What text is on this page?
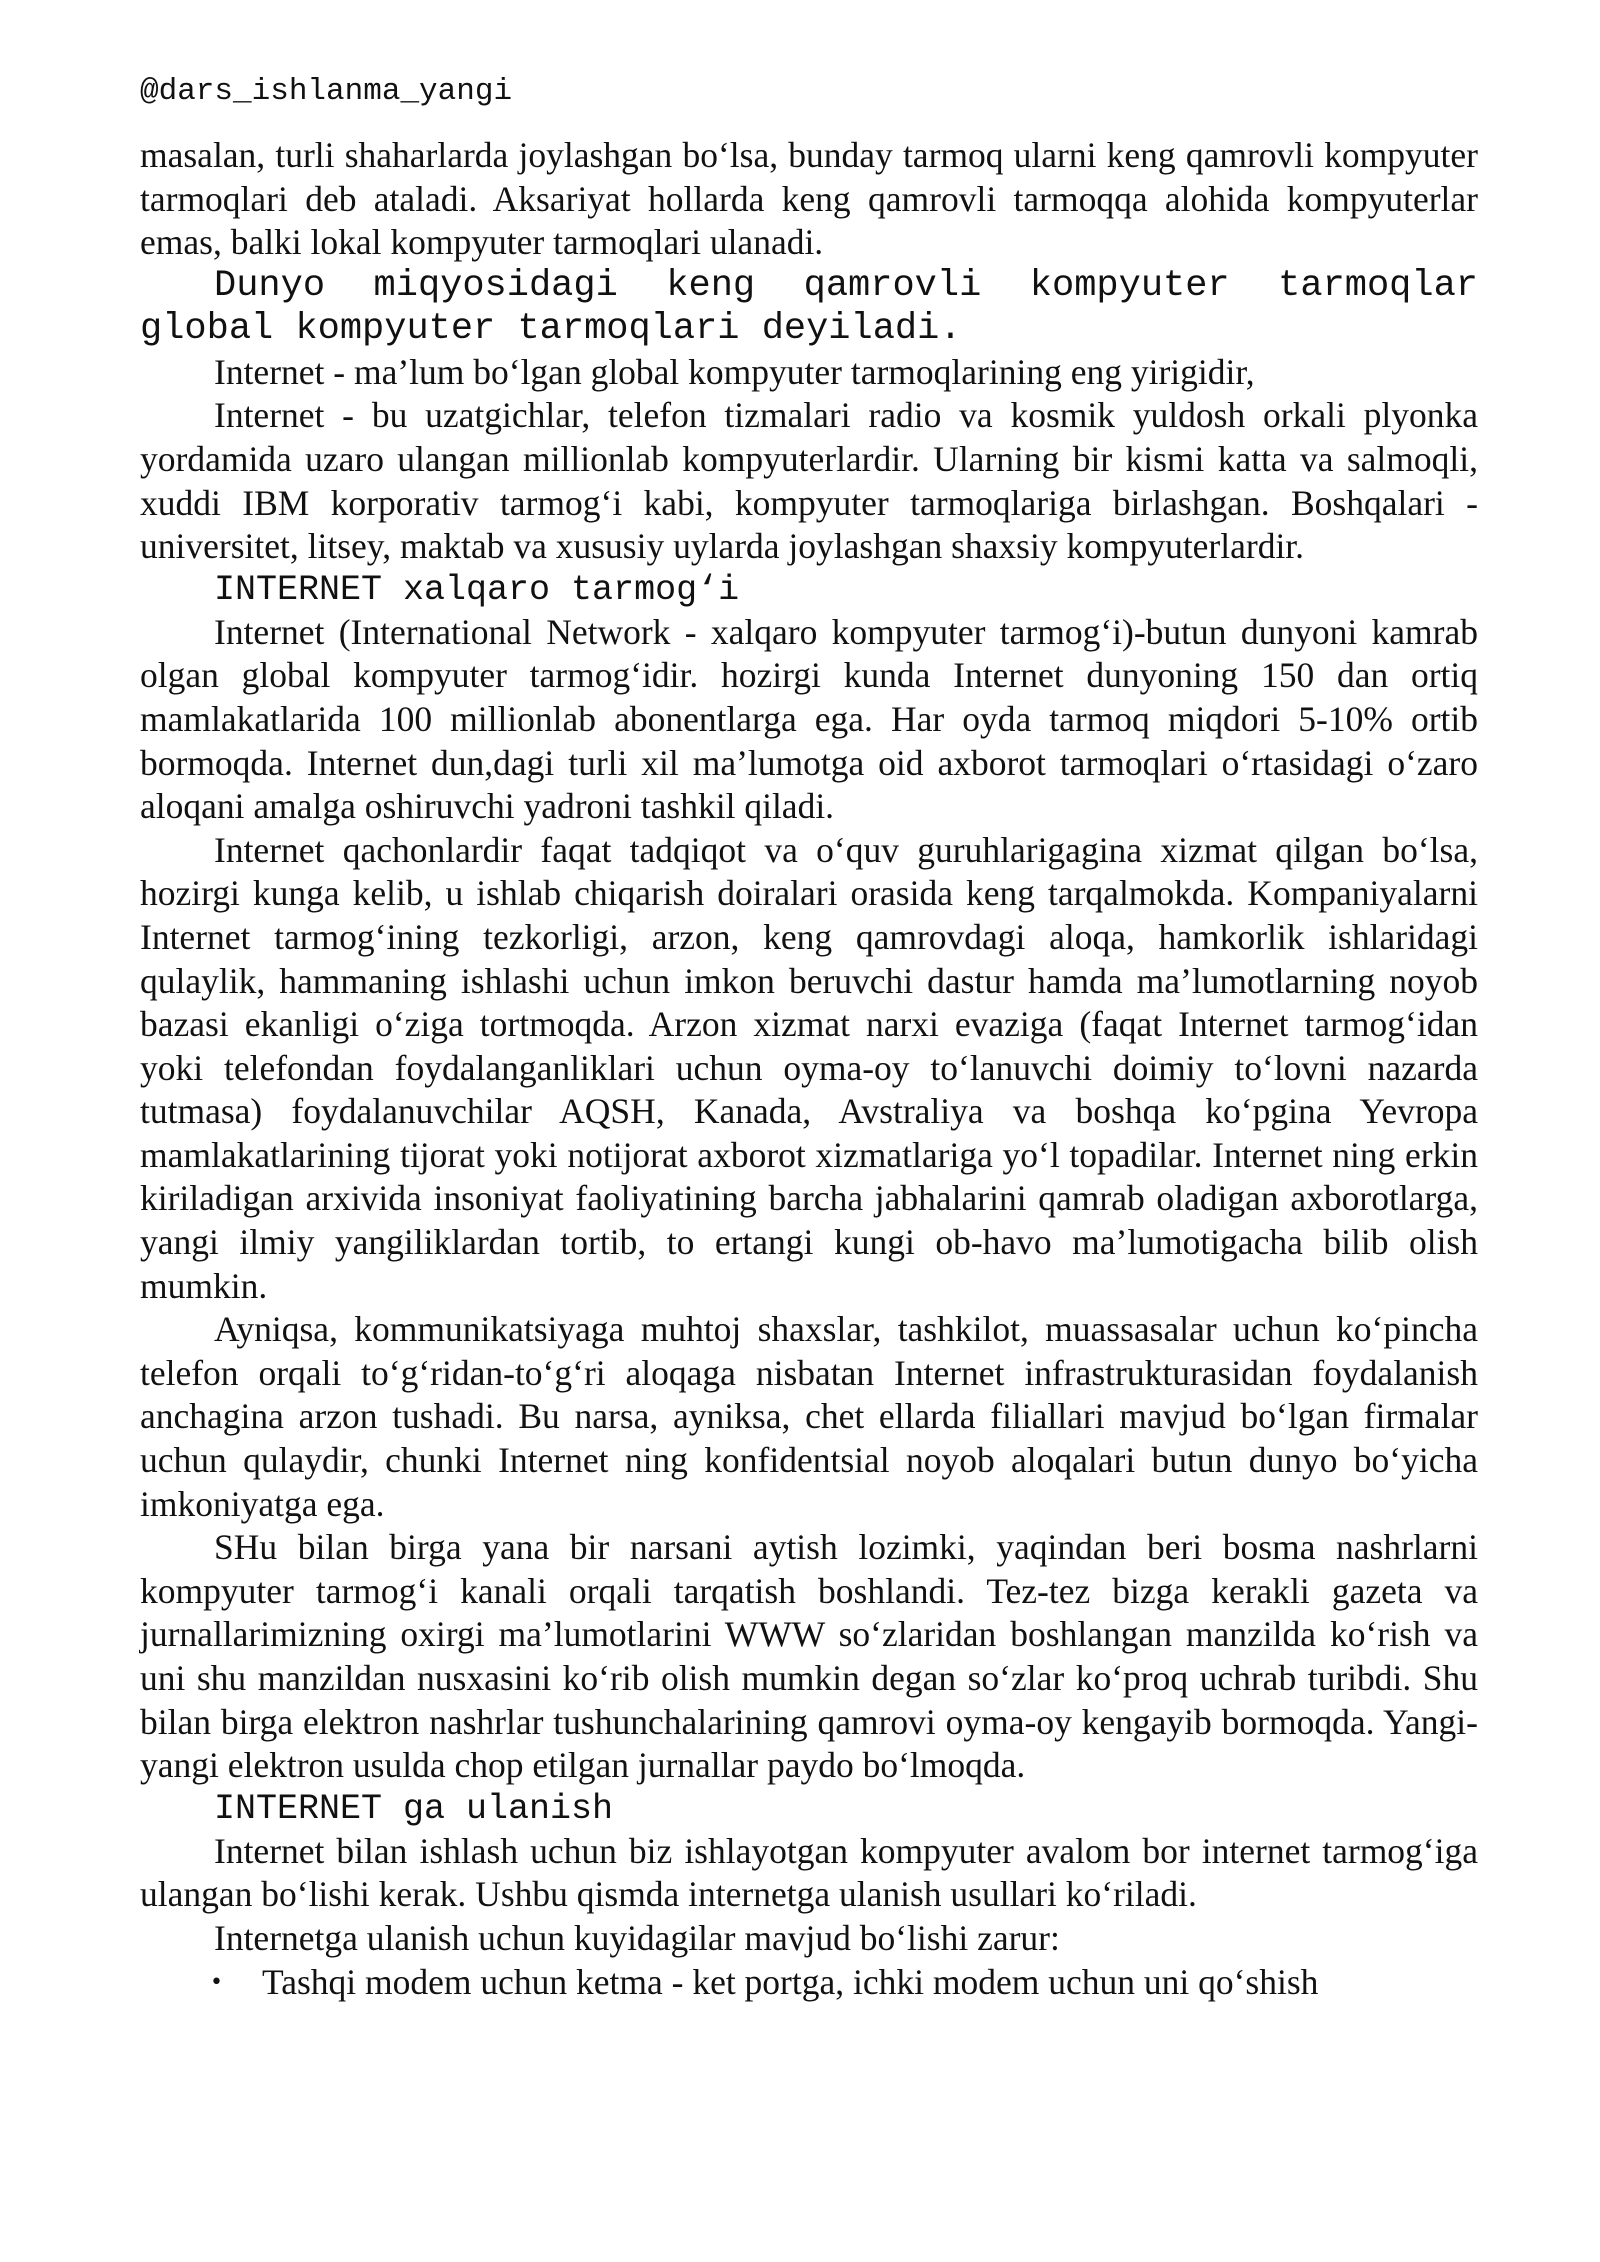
@dars_ishlanma_yangi

masalan, turli shaharlarda joylashgan bo‘lsa, bunday tarmoq ularni keng qamrovli kompyuter tarmoqlari deb ataladi. Aksariyat hollarda keng qamrovli tarmoqqa alohida kompyuterlar emas, balki lokal kompyuter tarmoqlari ulanadi.

Dunyo miqyosidagi keng qamrovli kompyuter tarmoqlar global kompyuter tarmoqlari deyiladi.

Internet - ma’lum bo‘lgan global kompyuter tarmoqlarining eng yirigidir,

Internet - bu uzatgichlar, telefon tizmalari radio va kosmik yuldosh orkali plyonka yordamida uzaro ulangan millionlab kompyuterlardir. Ularning bir kismi katta va salmoqli, xuddi IBM korporativ tarmog‘i kabi, kompyuter tarmoqlariga birlashgan. Boshqalari - universitet, litsey, maktab va xususiy uylarda joylashgan shaxsiy kompyuterlardir.

INTERNET xalqaro tarmog‘i

Internet (International Network - xalqaro kompyuter tarmog‘i)-butun dunyoni kamrab olgan global kompyuter tarmog‘idir. hozirgi kunda Internet dunyoning 150 dan ortiq mamlakatlarida 100 millionlab abonentlarga ega. Har oyda tarmoq miqdori 5-10% ortib bormoqda. Internet dun,dagi turli xil ma’lumotga oid axborot tarmoqlari o‘rtasidagi o‘zaro aloqani amalga oshiruvchi yadroni tashkil qiladi.

Internet qachonlardir faqat tadqiqot va o‘quv guruhlarigagina xizmat qilgan bo‘lsa, hozirgi kunga kelib, u ishlab chiqarish doiralari orasida keng tarqalmokda. Kompaniyalarni Internet tarmog‘ining tezkorligi, arzon, keng qamrovdagi aloqa, hamkorlik ishlaridagi qulaylik, hammaning ishlashi uchun imkon beruvchi dastur hamda ma’lumotlarning noyob bazasi ekanligi o‘ziga tortmoqda. Arzon xizmat narxi evaziga (faqat Internet tarmog‘idan yoki telefondan foydalanganliklari uchun oyma-oy to‘lanuvchi doimiy to‘lovni nazarda tutmasa) foydalanuvchilar AQSH, Kanada, Avstraliya va boshqa ko‘pgina Yevropa mamlakatlarining tijorat yoki notijorat axborot xizmatlariga yo‘l topadilar. Internet ning erkin kiriladigan arxivida insoniyat faoliyatining barcha jabhalarini qamrab oladigan axborotlarga, yangi ilmiy yangiliklardan tortib, to ertangi kungi ob-havo ma’lumotigacha bilib olish mumkin.

Ayniqsa, kommunikatsiyaga muhtoj shaxslar, tashkilot, muassasalar uchun ko‘pincha telefon orqali to‘g‘ridan-to‘g‘ri aloqaga nisbatan Internet infrastrukturasidan foydalanish anchagina arzon tushadi. Bu narsa, ayniksa, chet ellarda filiallari mavjud bo‘lgan firmalar uchun qulaydir, chunki Internet ning konfidentsial noyob aloqalari butun dunyo bo‘yicha imkoniyatga ega.

SHu bilan birga yana bir narsani aytish lozimki, yaqindan beri bosma nashrlarni kompyuter tarmog‘i kanali orqali tarqatish boshlandi. Tez-tez bizga kerakli gazeta va jurnallarimizning oxirgi ma’lumotlarini WWW so‘zlaridan boshlangan manzilda ko‘rish va uni shu manzildan nusxasini ko‘rib olish mumkin degan so‘zlar ko‘proq uchrab turibdi. Shu bilan birga elektron nashrlar tushunchalarining qamrovi oyma-oy kengayib bormoqda. Yangi-yangi elektron usulda chop etilgan jurnallar paydo bo‘lmoqda.

INTERNET ga ulanish

Internet bilan ishlash uchun biz ishlayotgan kompyuter avalom bor internet tarmog‘iga ulangan bo‘lishi kerak. Ushbu qismda internetga ulanish usullari ko‘riladi.

Internetga ulanish uchun kuyidagilar mavjud bo‘lishi zarur:

• Tashqi modem uchun ketma - ket portga, ichki modem uchun uni qo‘shish
